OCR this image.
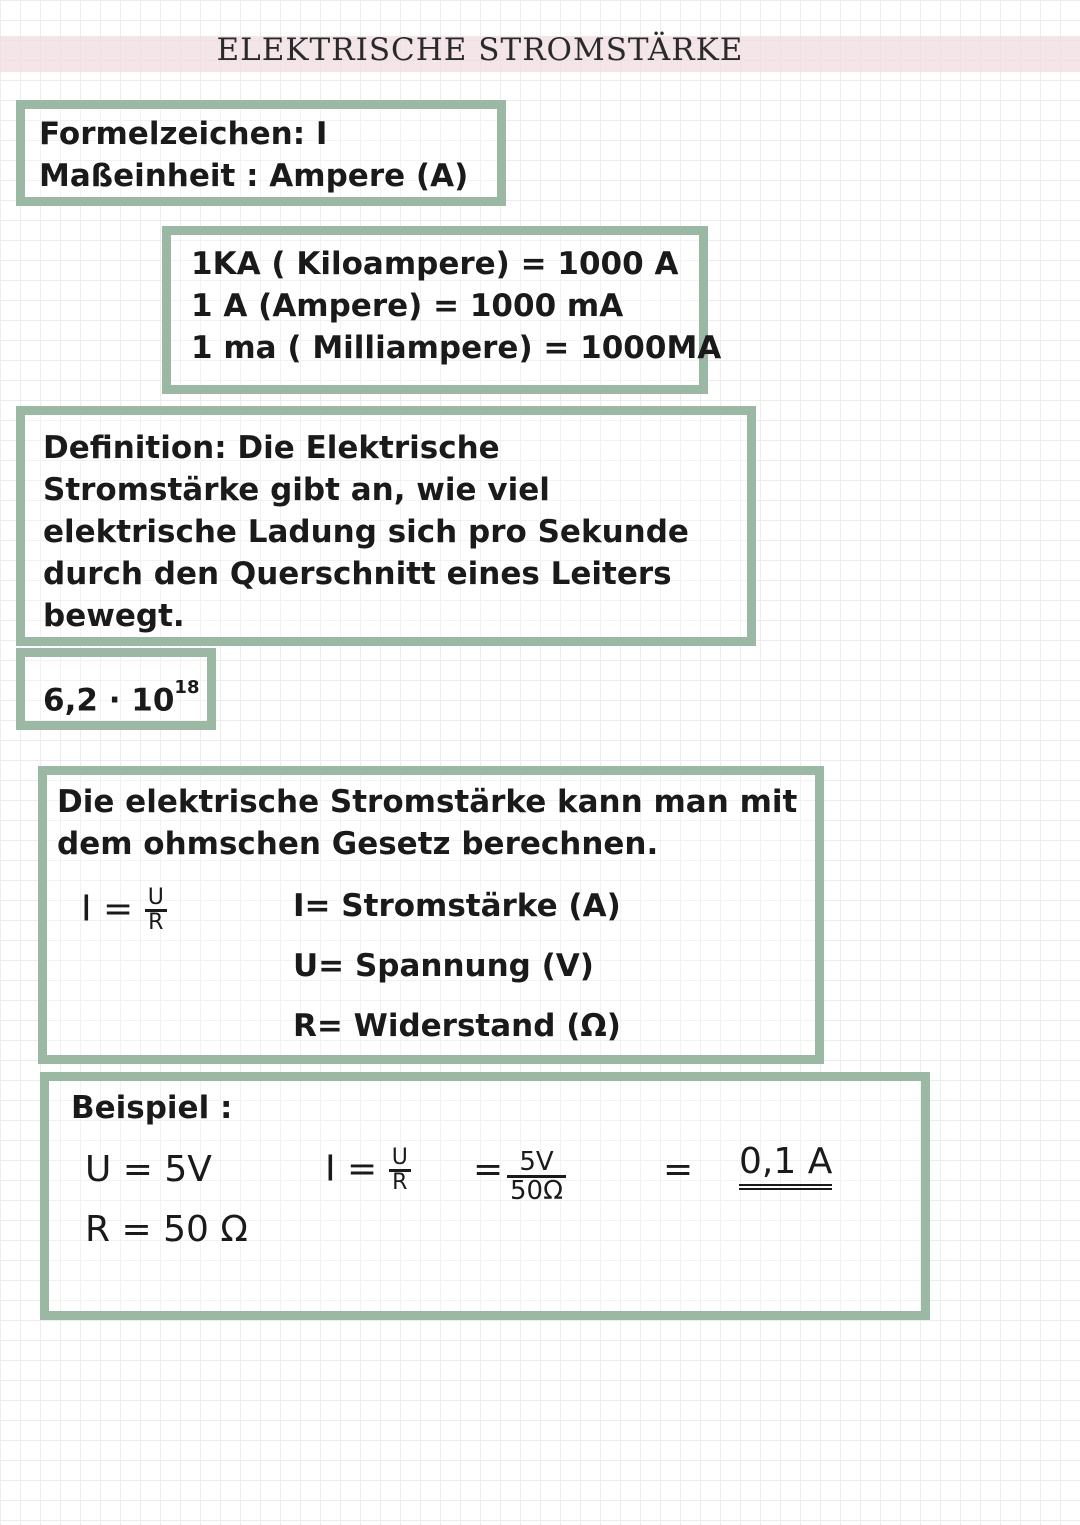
ELEKTRISCHE STROMSTÄRKE
Formelzeichen: I
Maßeinheit : Ampere (A)
1KA ( Kiloampere) = 1000 A
1 A (Ampere) = 1000 mA
1 ma ( Milliampere) = 1000MA
Definition: Die Elektrische
Stromstärke gibt an, wie viel
elektrische Ladung sich pro Sekunde
durch den Querschnitt eines Leiters
bewegt.
$6,2 \cdot 10^{18}$
Die elektrische Stromstärke kann man mit
dem ohmschen Gesetz berechnen.
$I = \frac{U}{R}$	I= Stromstärke (A)
U= Spannung (V)
R= Widerstand (Ω)
Beispiel :
U = 5V
R = 50 Ω
$I = \frac{U}{R} = \frac{5V}{50\Omega}$	= 0,1 A
